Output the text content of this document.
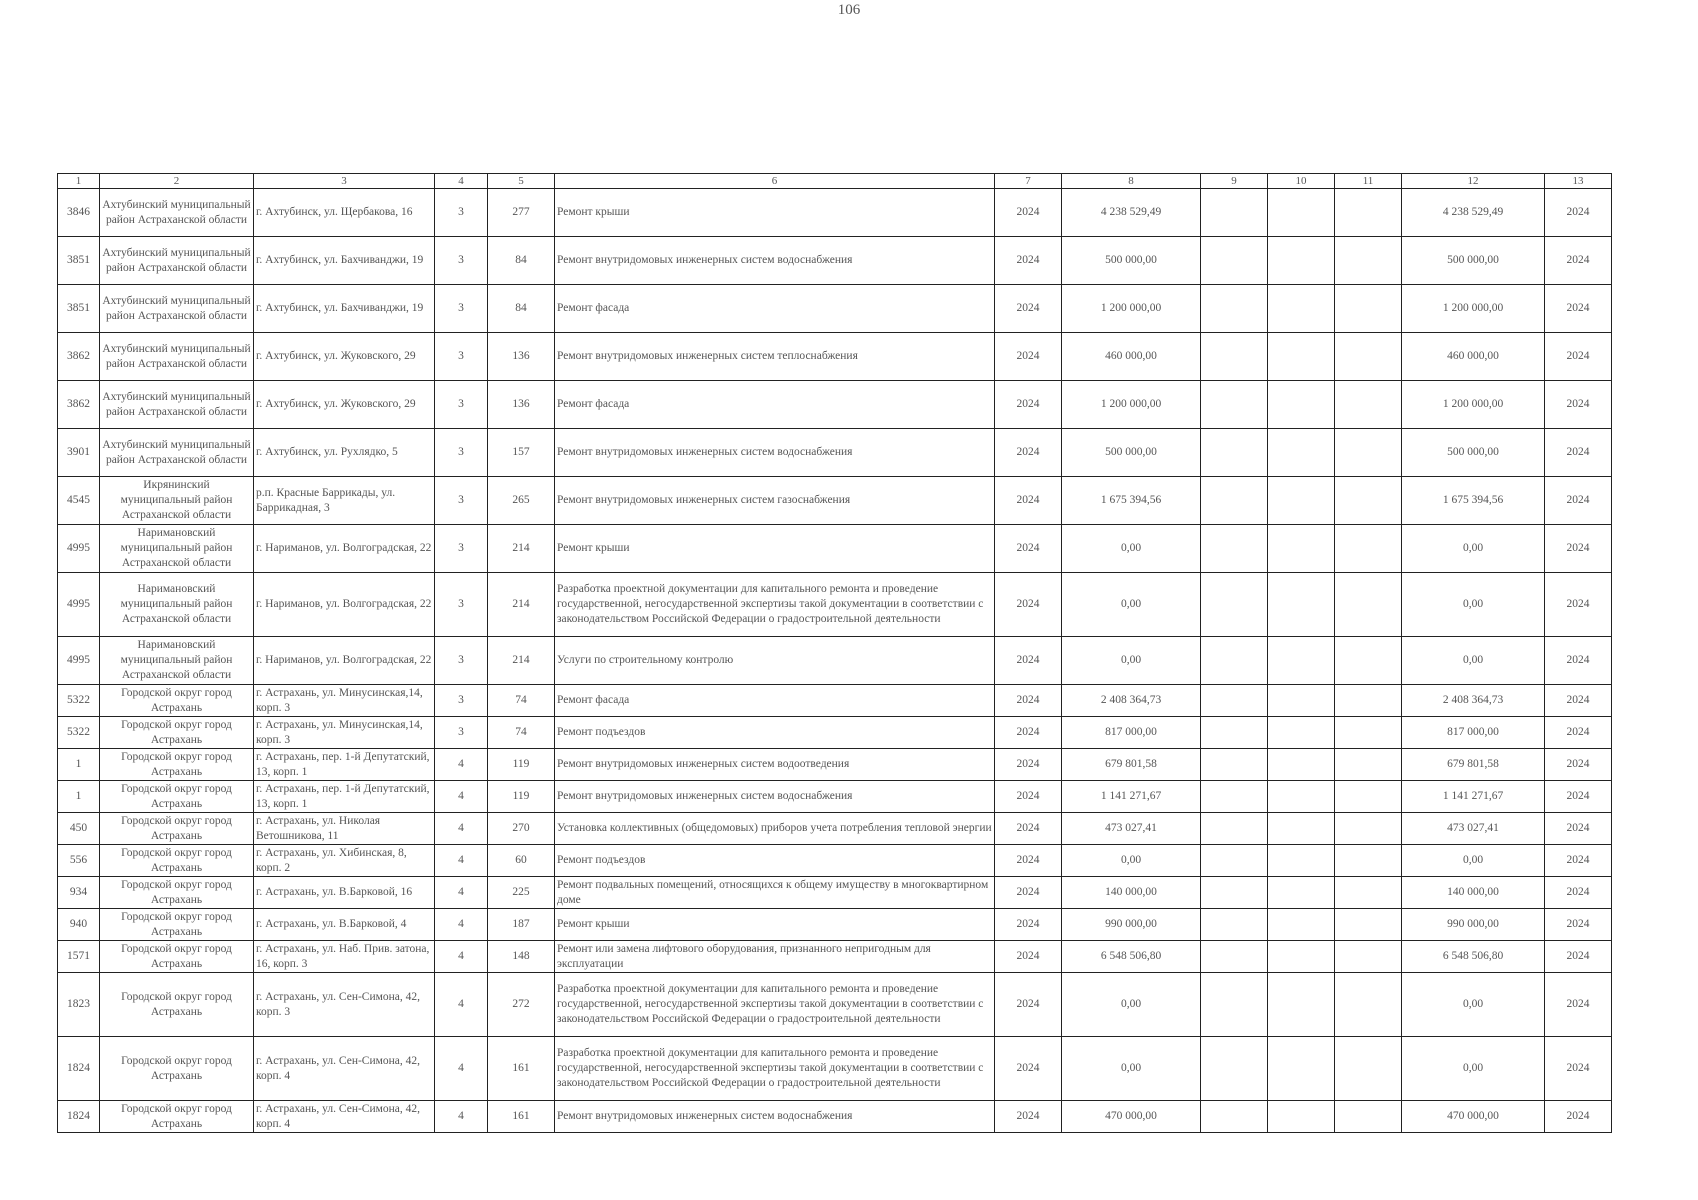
106
1	2	3	4	5	6	7	8	9	10	11	12	13
3846	Ахтубинский муниципальный район Астраханской области	г. Ахтубинск, ул. Щербакова, 16	3	277	Ремонт крыши	2024	4 238 529,49				4 238 529,49	2024
3851	Ахтубинский муниципальный район Астраханской области	г. Ахтубинск, ул. Бахчиванджи, 19	3	84	Ремонт внутридомовых инженерных систем водоснабжения	2024	500 000,00				500 000,00	2024
3851	Ахтубинский муниципальный район Астраханской области	г. Ахтубинск, ул. Бахчиванджи, 19	3	84	Ремонт фасада	2024	1 200 000,00				1 200 000,00	2024
3862	Ахтубинский муниципальный район Астраханской области	г. Ахтубинск, ул. Жуковского, 29	3	136	Ремонт внутридомовых инженерных систем теплоснабжения	2024	460 000,00				460 000,00	2024
3862	Ахтубинский муниципальный район Астраханской области	г. Ахтубинск, ул. Жуковского, 29	3	136	Ремонт фасада	2024	1 200 000,00				1 200 000,00	2024
3901	Ахтубинский муниципальный район Астраханской области	г. Ахтубинск, ул. Рухлядко, 5	3	157	Ремонт внутридомовых инженерных систем водоснабжения	2024	500 000,00				500 000,00	2024
4545	Икрянинский муниципальный район Астраханской области	р.п. Красные Баррикады, ул. Баррикадная, 3	3	265	Ремонт внутридомовых инженерных систем газоснабжения	2024	1 675 394,56				1 675 394,56	2024
4995	Наримановский муниципальный район Астраханской области	г. Нариманов, ул. Волгоградская, 22	3	214	Ремонт крыши	2024	0,00				0,00	2024
4995	Наримановский муниципальный район Астраханской области	г. Нариманов, ул. Волгоградская, 22	3	214	Разработка проектной документации для капитального ремонта и проведение государственной, негосударственной экспертизы такой документации в соответствии с законодательством Российской Федерации о градостроительной деятельности	2024	0,00				0,00	2024
4995	Наримановский муниципальный район Астраханской области	г. Нариманов, ул. Волгоградская, 22	3	214	Услуги по строительному контролю	2024	0,00				0,00	2024
5322	Городской округ город Астрахань	г. Астрахань, ул. Минусинская,14, корп. 3	3	74	Ремонт фасада	2024	2 408 364,73				2 408 364,73	2024
5322	Городской округ город Астрахань	г. Астрахань, ул. Минусинская,14, корп. 3	3	74	Ремонт подъездов	2024	817 000,00				817 000,00	2024
1	Городской округ город Астрахань	г. Астрахань, пер. 1-й Депутатский, 13, корп. 1	4	119	Ремонт внутридомовых инженерных систем водоотведения	2024	679 801,58				679 801,58	2024
1	Городской округ город Астрахань	г. Астрахань, пер. 1-й Депутатский, 13, корп. 1	4	119	Ремонт внутридомовых инженерных систем водоснабжения	2024	1 141 271,67				1 141 271,67	2024
450	Городской округ город Астрахань	г. Астрахань, ул. Николая Ветошникова, 11	4	270	Установка коллективных (общедомовых) приборов учета потребления тепловой энергии	2024	473 027,41				473 027,41	2024
556	Городской округ город Астрахань	г. Астрахань, ул. Хибинская, 8, корп. 2	4	60	Ремонт подъездов	2024	0,00				0,00	2024
934	Городской округ город Астрахань	г. Астрахань, ул. В.Барковой, 16	4	225	Ремонт подвальных помещений, относящихся к общему имуществу в многоквартирном доме	2024	140 000,00				140 000,00	2024
940	Городской округ город Астрахань	г. Астрахань, ул. В.Барковой, 4	4	187	Ремонт крыши	2024	990 000,00				990 000,00	2024
1571	Городской округ город Астрахань	г. Астрахань, ул. Наб. Прив. затона, 16, корп. 3	4	148	Ремонт или замена лифтового оборудования, признанного непригодным для эксплуатации	2024	6 548 506,80				6 548 506,80	2024
1823	Городской округ город Астрахань	г. Астрахань, ул. Сен-Симона, 42, корп. 3	4	272	Разработка проектной документации для капитального ремонта и проведение государственной, негосударственной экспертизы такой документации в соответствии с законодательством Российской Федерации о градостроительной деятельности	2024	0,00				0,00	2024
1824	Городской округ город Астрахань	г. Астрахань, ул. Сен-Симона, 42, корп. 4	4	161	Разработка проектной документации для капитального ремонта и проведение государственной, негосударственной экспертизы такой документации в соответствии с законодательством Российской Федерации о градостроительной деятельности	2024	0,00				0,00	2024
1824	Городской округ город Астрахань	г. Астрахань, ул. Сен-Симона, 42, корп. 4	4	161	Ремонт внутридомовых инженерных систем водоснабжения	2024	470 000,00				470 000,00	2024
